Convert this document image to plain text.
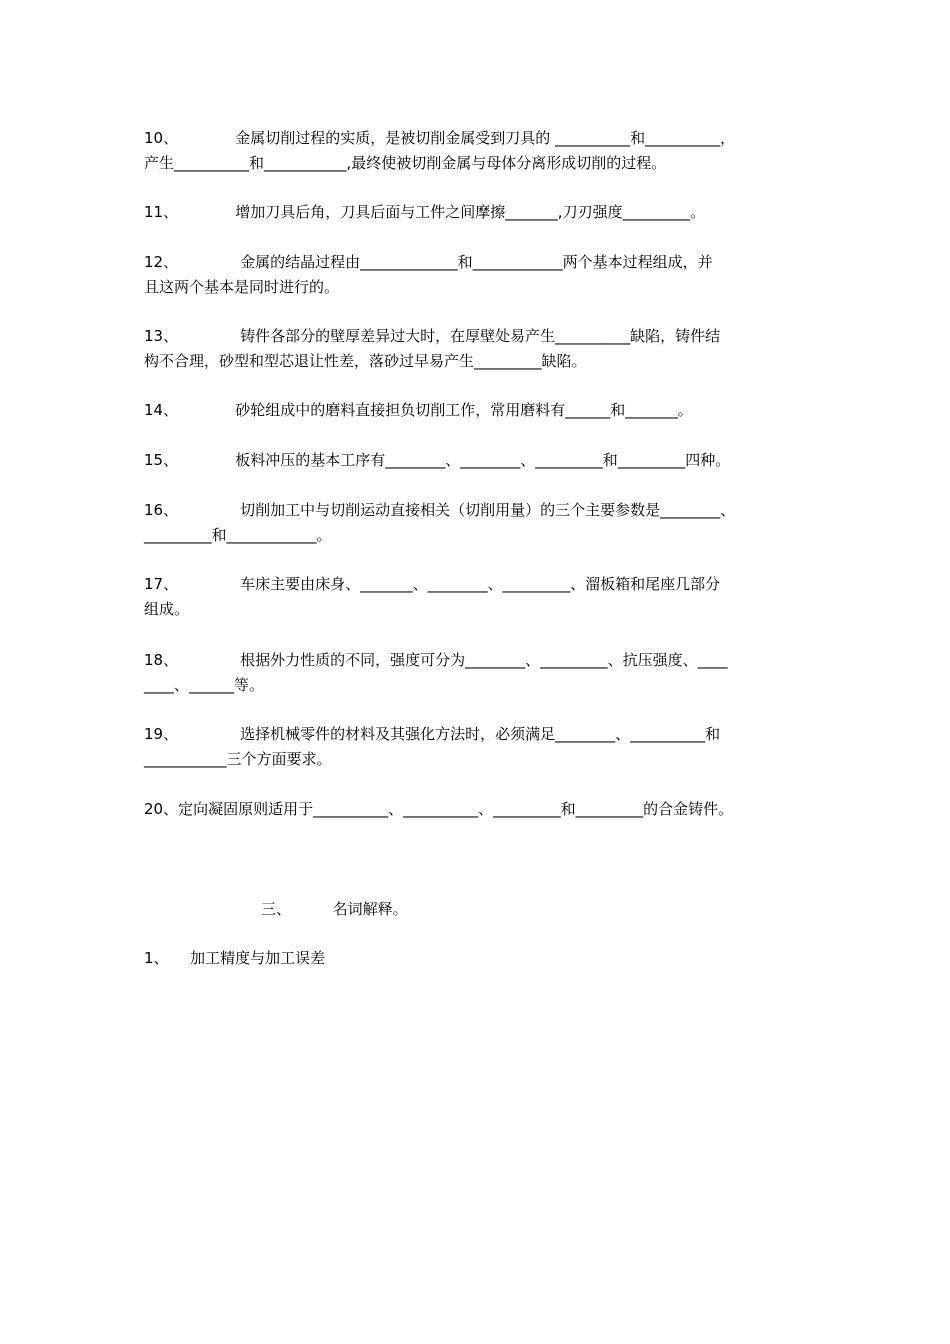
10、            金属切削过程的实质，是被切削金属受到刀具的 __________和__________，
产生__________和___________,最终使被切削金属与母体分离形成切削的过程。
11、            增加刀具后角，刀具后面与工件之间摩擦_______,刀刃强度_________。
12、             金属的结晶过程由_____________和____________两个基本过程组成，并
且这两个基本是同时进行的。
13、             铸件各部分的壁厚差异过大时，在厚壁处易产生__________缺陷，铸件结
构不合理，砂型和型芯退让性差，落砂过早易产生_________缺陷。
14、            砂轮组成中的磨料直接担负切削工作，常用磨料有______和_______。
15、            板料冲压的基本工序有________、________、_________和_________四种。
16、             切削加工中与切削运动直接相关（切削用量）的三个主要参数是________、
_________和____________。
17、             车床主要由床身、_______、________、_________、溜板箱和尾座几部分
组成。
18、             根据外力性质的不同，强度可分为________、_________、抗压强度、____
____、______等。
19、             选择机械零件的材料及其强化方法时，必须满足________、__________和
___________三个方面要求。
20、定向凝固原则适用于__________、__________、_________和_________的合金铸件。
三、	名词解释。
1、 加工精度与加工误差
